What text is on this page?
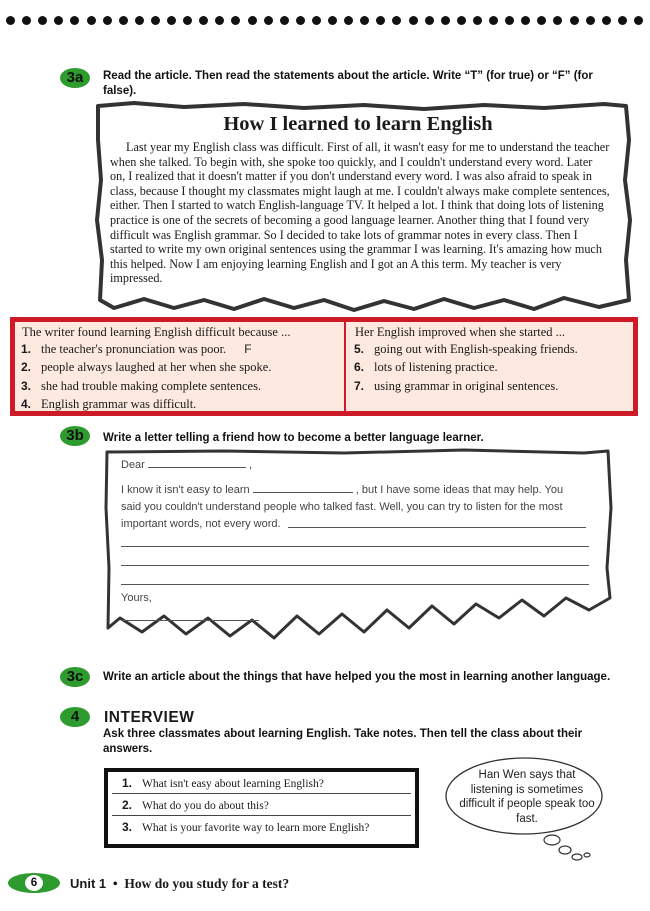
3a	Read the article. Then read the statements about the article. Write “T” (for true) or “F” (for false).
How I learned to learn English
Last year my English class was difficult. First of all, it wasn't easy for me to understand the teacher when she talked. To begin with, she spoke too quickly, and I couldn't understand every word. Later on, I realized that it doesn't matter if you don't understand every word. I was also afraid to speak in class, because I thought my classmates might laugh at me. I couldn't always make complete sentences, either. Then I started to watch English-language TV. It helped a lot. I think that doing lots of listening practice is one of the secrets of becoming a good language learner. Another thing that I found very difficult was English grammar. So I decided to take lots of grammar notes in every class. Then I started to write my own original sentences using the grammar I was learning. It's amazing how much this helped. Now I am enjoying learning English and I got an A this term. My teacher is very impressed.
The writer found learning English difficult because ...
1. the teacher's pronunciation was poor. F
2. people always laughed at her when she spoke.
3. she had trouble making complete sentences.
4. English grammar was difficult.
Her English improved when she started ...
5. going out with English-speaking friends.
6. lots of listening practice.
7. using grammar in original sentences.
3b	Write a letter telling a friend how to become a better language learner.
Dear	,
I know it isn't easy to learn	, but I have some ideas that may help. You
said you couldn't understand people who talked fast. Well, you can try to listen for the most
important words, not every word.
Yours,
3c	Write an article about the things that have helped you the most in learning another language.
4	INTERVIEW
Ask three classmates about learning English. Take notes. Then tell the class about their answers.
1. What isn't easy about learning English?
2. What do you do about this?
3. What is your favorite way to learn more English?
Han Wen says that listening is sometimes difficult if people speak too fast.
6	Unit 1 • How do you study for a test?
